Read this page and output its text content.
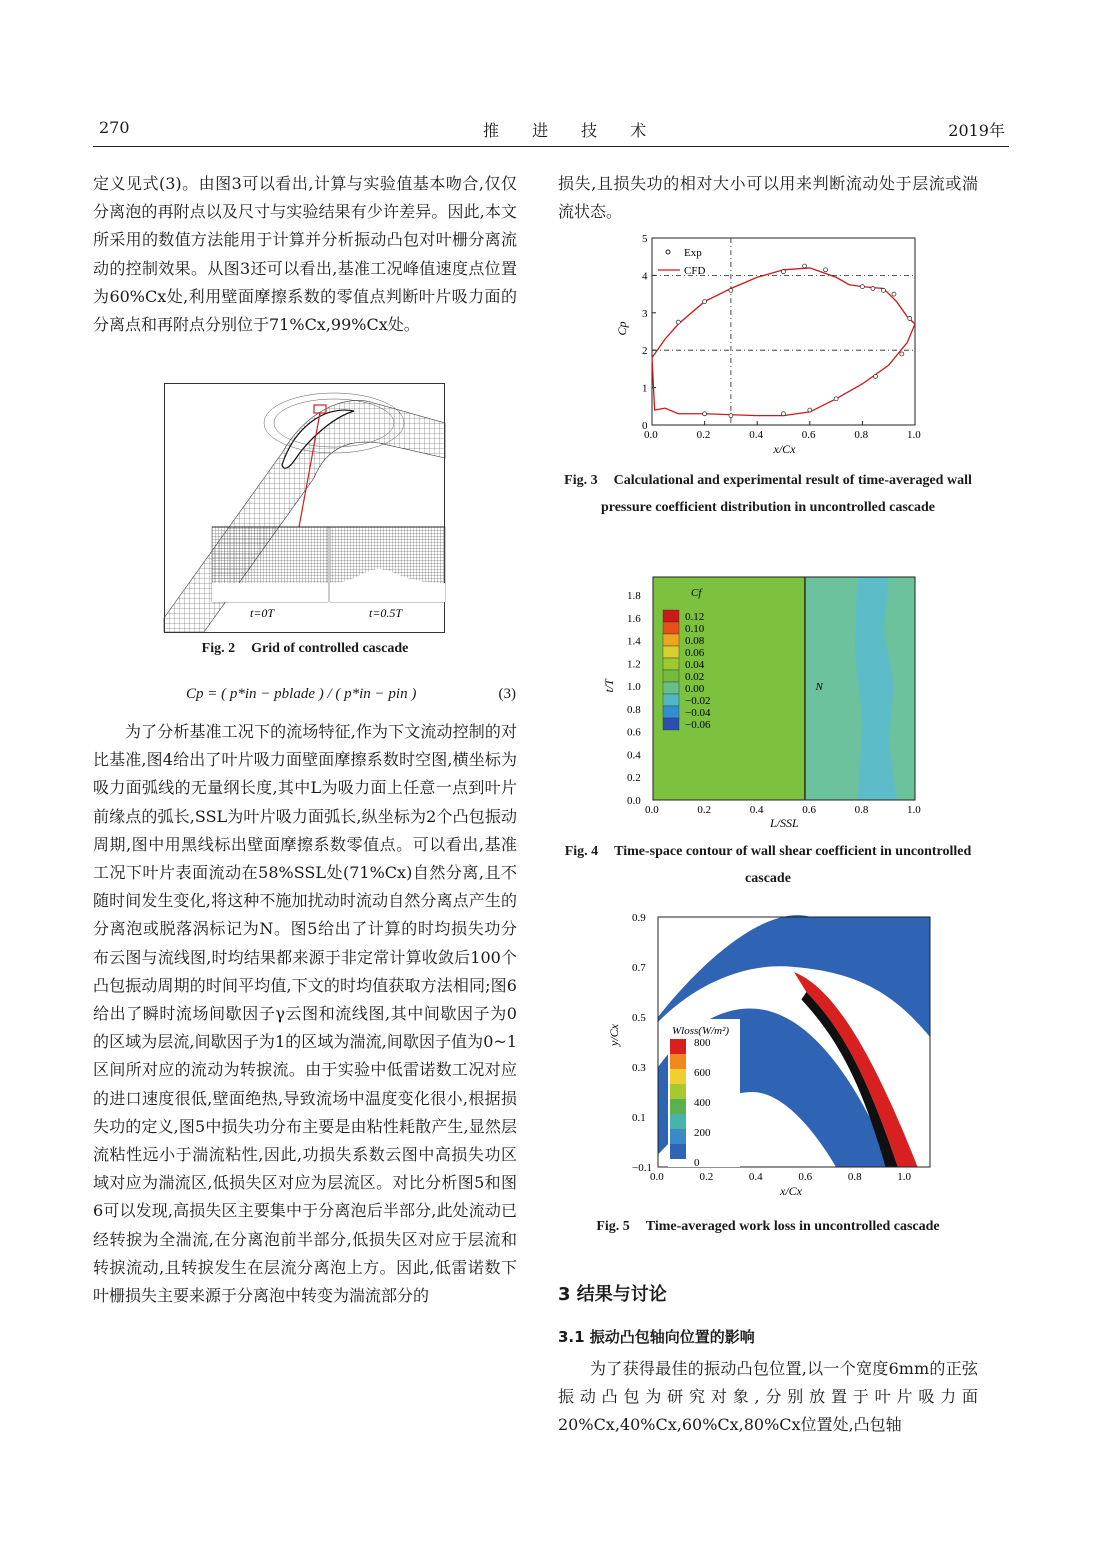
270	推 进 技 术	2019年

定义见式(3)。由图3可以看出,计算与实验值基本吻合,仅仅分离泡的再附点以及尺寸与实验结果有少许差异。因此,本文所采用的数值方法能用于计算并分析振动凸包对叶栅分离流动的控制效果。从图3还可以看出,基准工况峰值速度点位置为60%Cx处,利用壁面摩擦系数的零值点判断叶片吸力面的分离点和再附点分别位于71%Cx,99%Cx处。

t=0T	t=0.5T
Fig. 2 Grid of controlled cascade
Cp = ( p*in − pblade ) / ( p*in − pin )	(3)

为了分析基准工况下的流场特征,作为下文流动控制的对比基准,图4给出了叶片吸力面壁面摩擦系数时空图,横坐标为吸力面弧线的无量纲长度,其中L为吸力面上任意一点到叶片前缘点的弧长,SSL为叶片吸力面弧长,纵坐标为2个凸包振动周期,图中用黑线标出壁面摩擦系数零值点。可以看出,基准工况下叶片表面流动在58%SSL处(71%Cx)自然分离,且不随时间发生变化,将这种不施加扰动时流动自然分离点产生的分离泡或脱落涡标记为N。图5给出了计算的时均损失功分布云图与流线图,时均结果都来源于非定常计算收敛后100个凸包振动周期的时间平均值,下文的时均值获取方法相同;图6给出了瞬时流场间歇因子γ云图和流线图,其中间歇因子为0的区域为层流,间歇因子为1的区域为湍流,间歇因子值为0~1区间所对应的流动为转捩流。由于实验中低雷诺数工况对应的进口速度很低,壁面绝热,导致流场中温度变化很小,根据损失功的定义,图5中损失功分布主要是由粘性耗散产生,显然层流粘性远小于湍流粘性,因此,功损失系数云图中高损失功区域对应为湍流区,低损失区对应为层流区。对比分析图5和图6可以发现,高损失区主要集中于分离泡后半部分,此处流动已经转捩为全湍流,在分离泡前半部分,低损失区对应于层流和转捩流动,且转捩发生在层流分离泡上方。因此,低雷诺数下叶栅损失主要来源于分离泡中转变为湍流部分的

损失,且损失功的相对大小可以用来判断流动处于层流或湍流状态。

0.0	0.2	0.4	0.6	0.8	1.0
0
1
2
3
4
5
x/Cx
Cp
Exp
CFD
Fig. 3 Calculational and experimental result of time-averaged wall pressure coefficient distribution in uncontrolled cascade
N
0.0	0.2	0.4	0.6	0.8	1.0
0.0
0.2
0.4
0.6
0.8
1.0
1.2
1.4
1.6
1.8
L/SSL
t/T
Cf
0.12
0.10
0.08
0.06
0.04
0.02
0.00
−0.02
−0.04
−0.06
Fig. 4 Time-space contour of wall shear coefficient in uncontrolled cascade
0.0	0.2	0.4	0.6	0.8	1.0
−0.1
0.1
0.3
0.5
0.7
0.9
x/Cx
y/Cx	Wloss(W/m²)
800
600
400
200
0
Fig. 5 Time-averaged work loss in uncontrolled cascade
3 结果与讨论
3.1 振动凸包轴向位置的影响

为了获得最佳的振动凸包位置,以一个宽度6mm的正弦振动凸包为研究对象,分别放置于叶片吸力面20%Cx,40%Cx,60%Cx,80%Cx位置处,凸包轴
